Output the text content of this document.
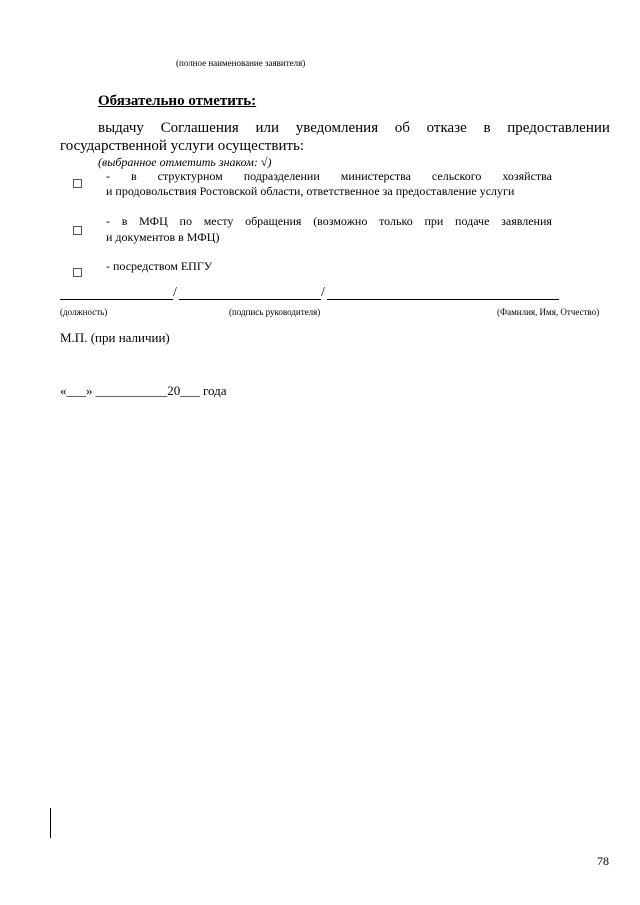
(полное наименование заявителя)
Обязательно отметить:
выдачу Соглашения или уведомления об отказе в предоставлении
государственной услуги осуществить:
(выбранное отметить знаком: √)
- в структурном подразделении министерства сельского хозяйства
и продовольствия Ростовской области, ответственное за предоставление услуги
- в МФЦ по месту обращения (возможно только при подаче заявления
и документов в МФЦ)
- посредством ЕПГУ
/	/
(должность)	(подпись руководителя)	(Фамилия, Имя, Отчество)
М.П. (при наличии)
«___» ___________20___ года
78
